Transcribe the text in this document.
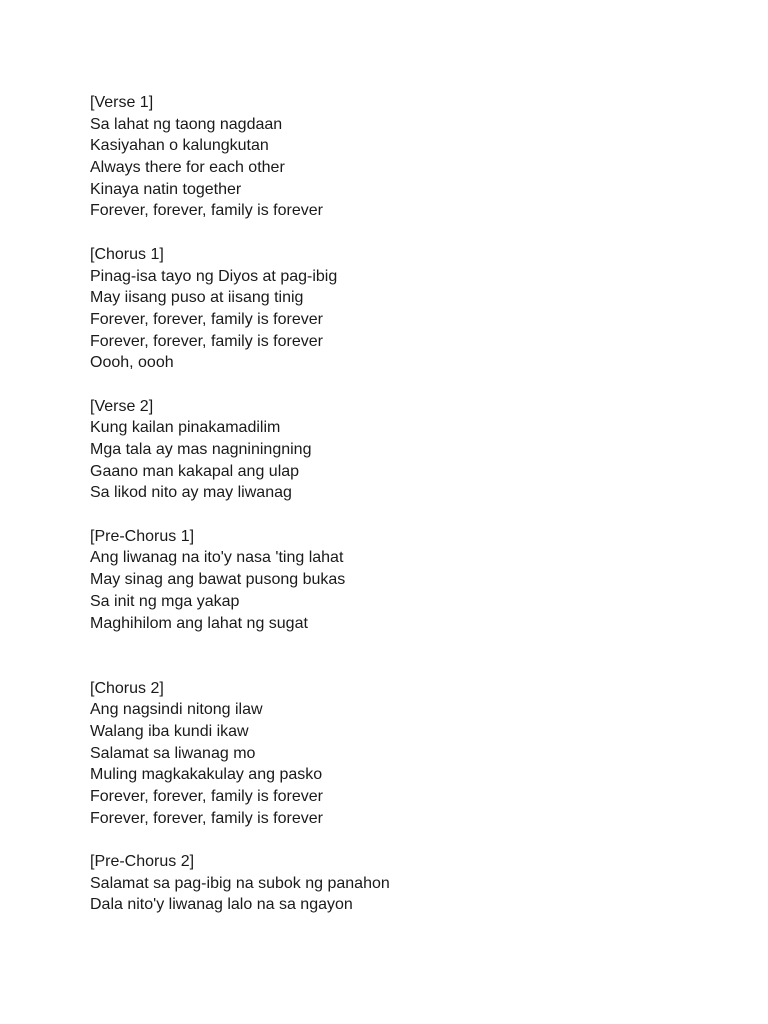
[Verse 1]
Sa lahat ng taong nagdaan
Kasiyahan o kalungkutan
Always there for each other
Kinaya natin together
Forever, forever, family is forever
[Chorus 1]
Pinag-isa tayo ng Diyos at pag-ibig
May iisang puso at iisang tinig
Forever, forever, family is forever
Forever, forever, family is forever
Oooh, oooh
[Verse 2]
Kung kailan pinakamadilim
Mga tala ay mas nagniningning
Gaano man kakapal ang ulap
Sa likod nito ay may liwanag
[Pre-Chorus 1]
Ang liwanag na ito'y nasa 'ting lahat
May sinag ang bawat pusong bukas
Sa init ng mga yakap
Maghihilom ang lahat ng sugat
[Chorus 2]
Ang nagsindi nitong ilaw
Walang iba kundi ikaw
Salamat sa liwanag mo
Muling magkakakulay ang pasko
Forever, forever, family is forever
Forever, forever, family is forever
[Pre-Chorus 2]
Salamat sa pag-ibig na subok ng panahon
Dala nito'y liwanag lalo na sa ngayon
